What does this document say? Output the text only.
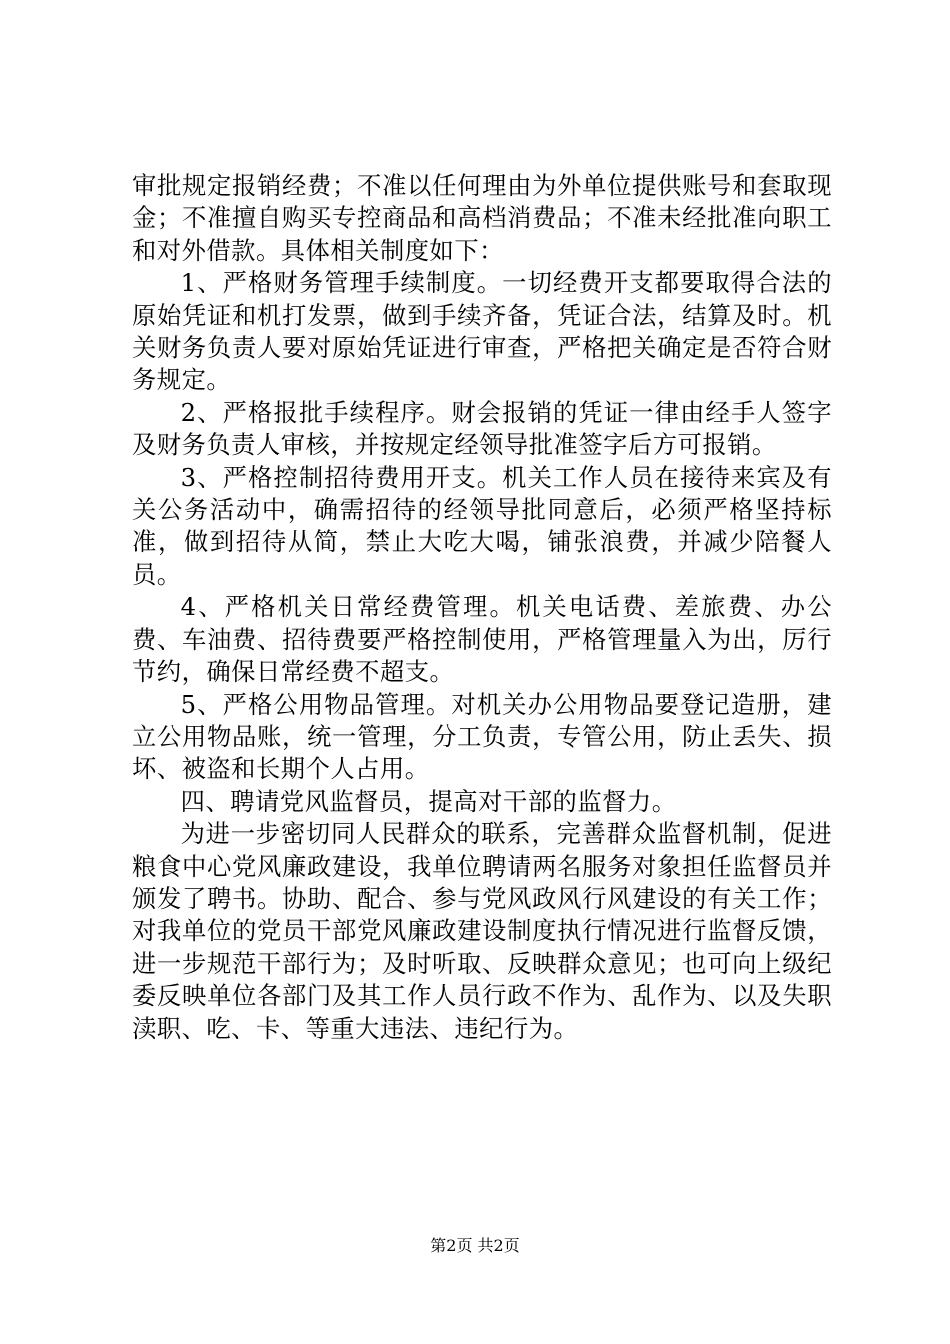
审批规定报销经费；不准以任何理由为外单位提供账号和套取现金；不准擅自购买专控商品和高档消费品；不准未经批准向职工和对外借款。具体相关制度如下：

1、严格财务管理手续制度。一切经费开支都要取得合法的原始凭证和机打发票，做到手续齐备，凭证合法，结算及时。机关财务负责人要对原始凭证进行审查，严格把关确定是否符合财务规定。

2、严格报批手续程序。财会报销的凭证一律由经手人签字及财务负责人审核，并按规定经领导批准签字后方可报销。

3、严格控制招待费用开支。机关工作人员在接待来宾及有关公务活动中，确需招待的经领导批同意后，必须严格坚持标准，做到招待从简，禁止大吃大喝，铺张浪费，并减少陪餐人员。

4、严格机关日常经费管理。机关电话费、差旅费、办公费、车油费、招待费要严格控制使用，严格管理量入为出，厉行节约，确保日常经费不超支。

5、严格公用物品管理。对机关办公用物品要登记造册，建立公用物品账，统一管理，分工负责，专管公用，防止丢失、损坏、被盗和长期个人占用。

四、聘请党风监督员，提高对干部的监督力。

为进一步密切同人民群众的联系，完善群众监督机制，促进粮食中心党风廉政建设，我单位聘请两名服务对象担任监督员并颁发了聘书。协助、配合、参与党风政风行风建设的有关工作；对我单位的党员干部党风廉政建设制度执行情况进行监督反馈，进一步规范干部行为；及时听取、反映群众意见；也可向上级纪委反映单位各部门及其工作人员行政不作为、乱作为、以及失职渎职、吃、卡、等重大违法、违纪行为。

第2页 共2页
